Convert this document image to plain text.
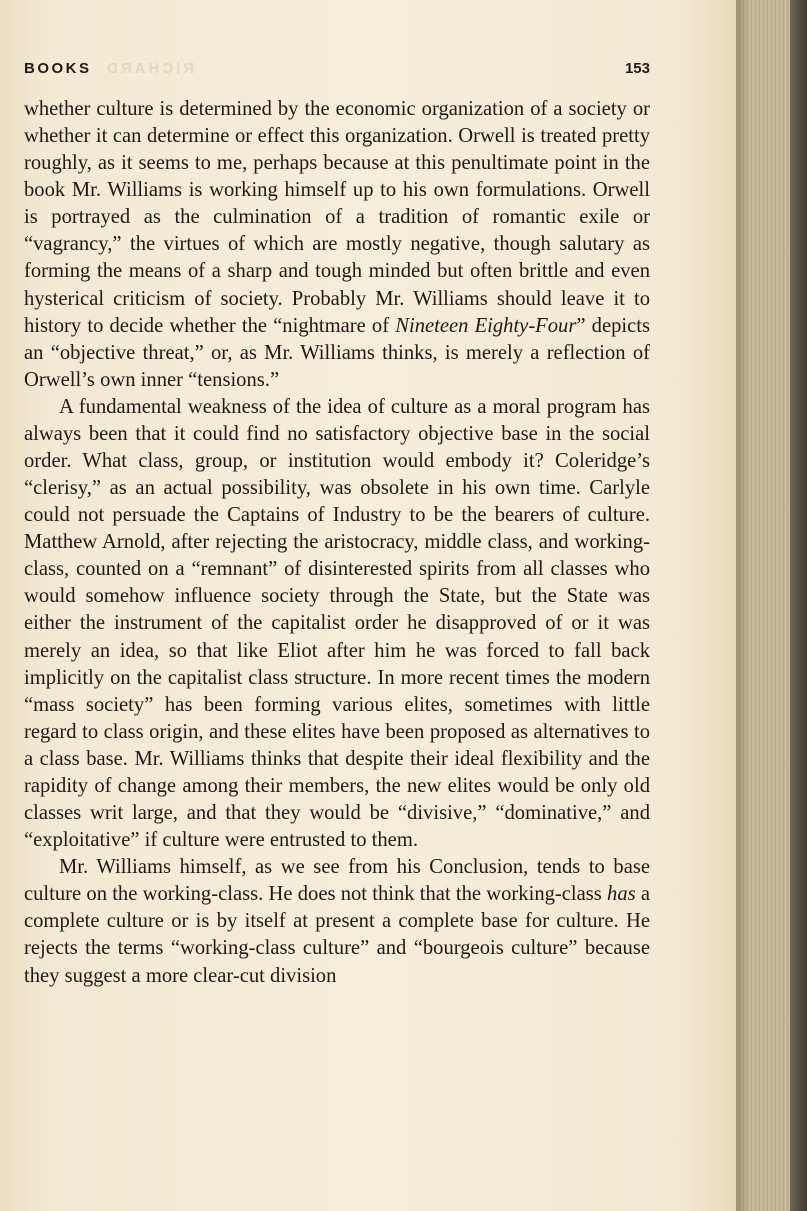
RICHARD
BOOKS	153

whether culture is determined by the economic organization of a society or whether it can determine or effect this organization. Orwell is treated pretty roughly, as it seems to me, perhaps because at this penultimate point in the book Mr. Williams is working himself up to his own formulations. Orwell is portrayed as the culmination of a tradition of romantic exile or “vagrancy,” the virtues of which are mostly negative, though salutary as forming the means of a sharp and tough minded but often brittle and even hysterical criticism of society. Probably Mr. Williams should leave it to history to decide whether the “nightmare of Nineteen Eighty-Four” depicts an “objective threat,” or, as Mr. Williams thinks, is merely a reflection of Orwell’s own inner “tensions.”

A fundamental weakness of the idea of culture as a moral program has always been that it could find no satisfactory objective base in the social order. What class, group, or institution would embody it? Coleridge’s “clerisy,” as an actual possibility, was obsolete in his own time. Carlyle could not persuade the Captains of Industry to be the bearers of culture. Matthew Arnold, after rejecting the aristocracy, middle class, and working-class, counted on a “remnant” of disinterested spirits from all classes who would somehow influence society through the State, but the State was either the instrument of the capitalist order he disapproved of or it was merely an idea, so that like Eliot after him he was forced to fall back implicitly on the capitalist class structure. In more recent times the modern “mass society” has been forming various elites, sometimes with little regard to class origin, and these elites have been proposed as alternatives to a class base. Mr. Williams thinks that despite their ideal flexibility and the rapidity of change among their members, the new elites would be only old classes writ large, and that they would be “divisive,” “dominative,” and “exploitative” if culture were entrusted to them.

Mr. Williams himself, as we see from his Conclusion, tends to base culture on the working-class. He does not think that the working-class has a complete culture or is by itself at present a complete base for culture. He rejects the terms “working-class culture” and “bourgeois culture” because they suggest a more clear-cut division
